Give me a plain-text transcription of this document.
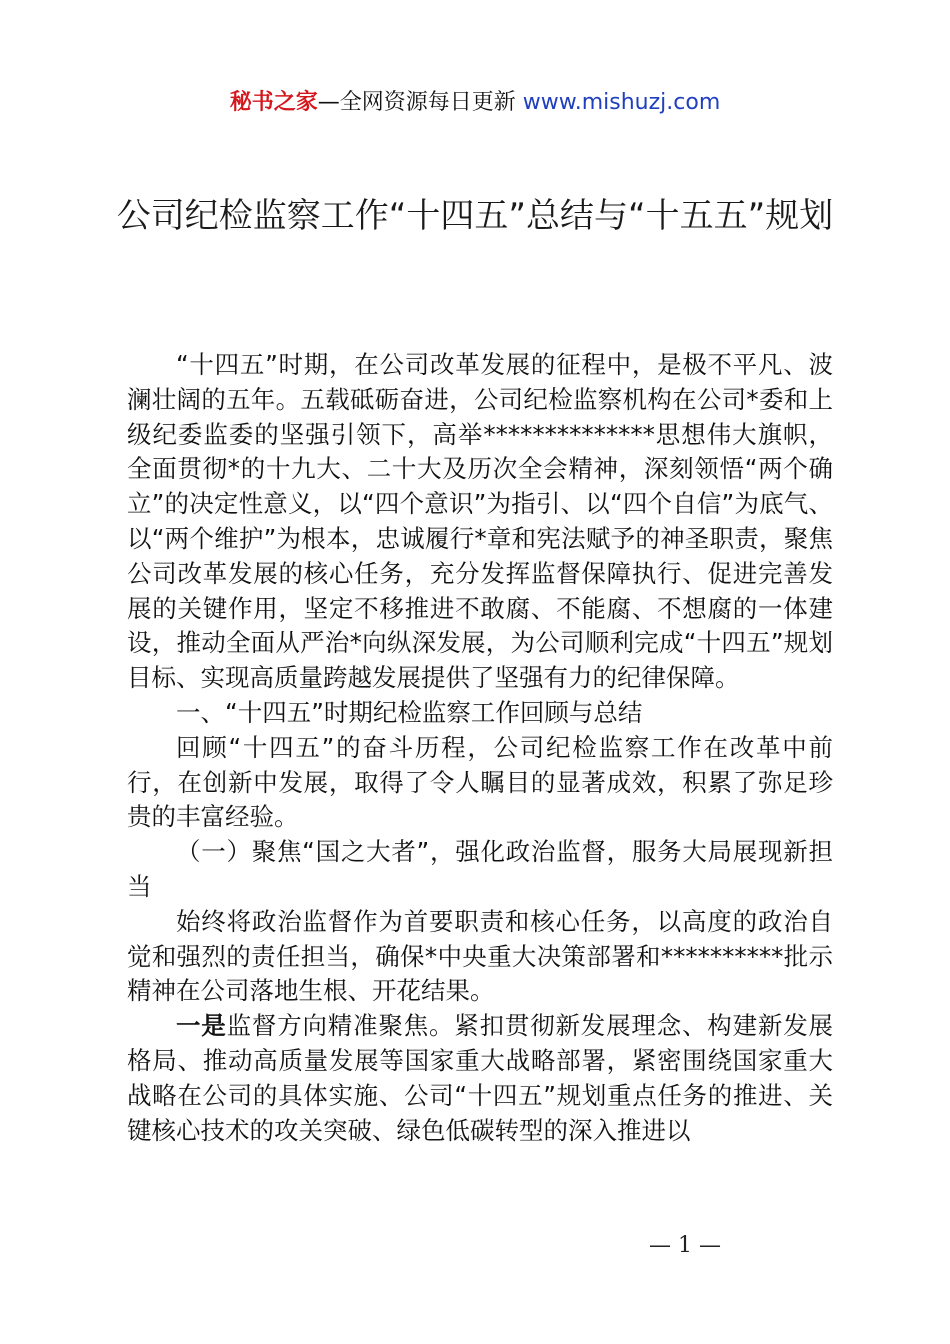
秘书之家—全网资源每日更新 www.mishuzj.com
公司纪检监察工作“十四五”总结与“十五五”规划

“十四五”时期，在公司改革发展的征程中，是极不平凡、波澜壮阔的五年。五载砥砺奋进，公司纪检监察机构在公司*委和上级纪委监委的坚强引领下，高举**************思想伟大旗帜，全面贯彻*的十九大、二十大及历次全会精神，深刻领悟“两个确立”的决定性意义，以“四个意识”为指引、以“四个自信”为底气、以“两个维护”为根本，忠诚履行*章和宪法赋予的神圣职责，聚焦公司改革发展的核心任务，充分发挥监督保障执行、促进完善发展的关键作用，坚定不移推进不敢腐、不能腐、不想腐的一体建设，推动全面从严治*向纵深发展，为公司顺利完成“十四五”规划目标、实现高质量跨越发展提供了坚强有力的纪律保障。

一、“十四五”时期纪检监察工作回顾与总结

回顾“十四五”的奋斗历程，公司纪检监察工作在改革中前行，在创新中发展，取得了令人瞩目的显著成效，积累了弥足珍贵的丰富经验。

（一）聚焦“国之大者”，强化政治监督，服务大局展现新担当

始终将政治监督作为首要职责和核心任务，以高度的政治自觉和强烈的责任担当，确保*中央重大决策部署和**********批示精神在公司落地生根、开花结果。

一是监督方向精准聚焦。紧扣贯彻新发展理念、构建新发展格局、推动高质量发展等国家重大战略部署，紧密围绕国家重大战略在公司的具体实施、公司“十四五”规划重点任务的推进、关键核心技术的攻关突破、绿色低碳转型的深入推进以

— 1 —
